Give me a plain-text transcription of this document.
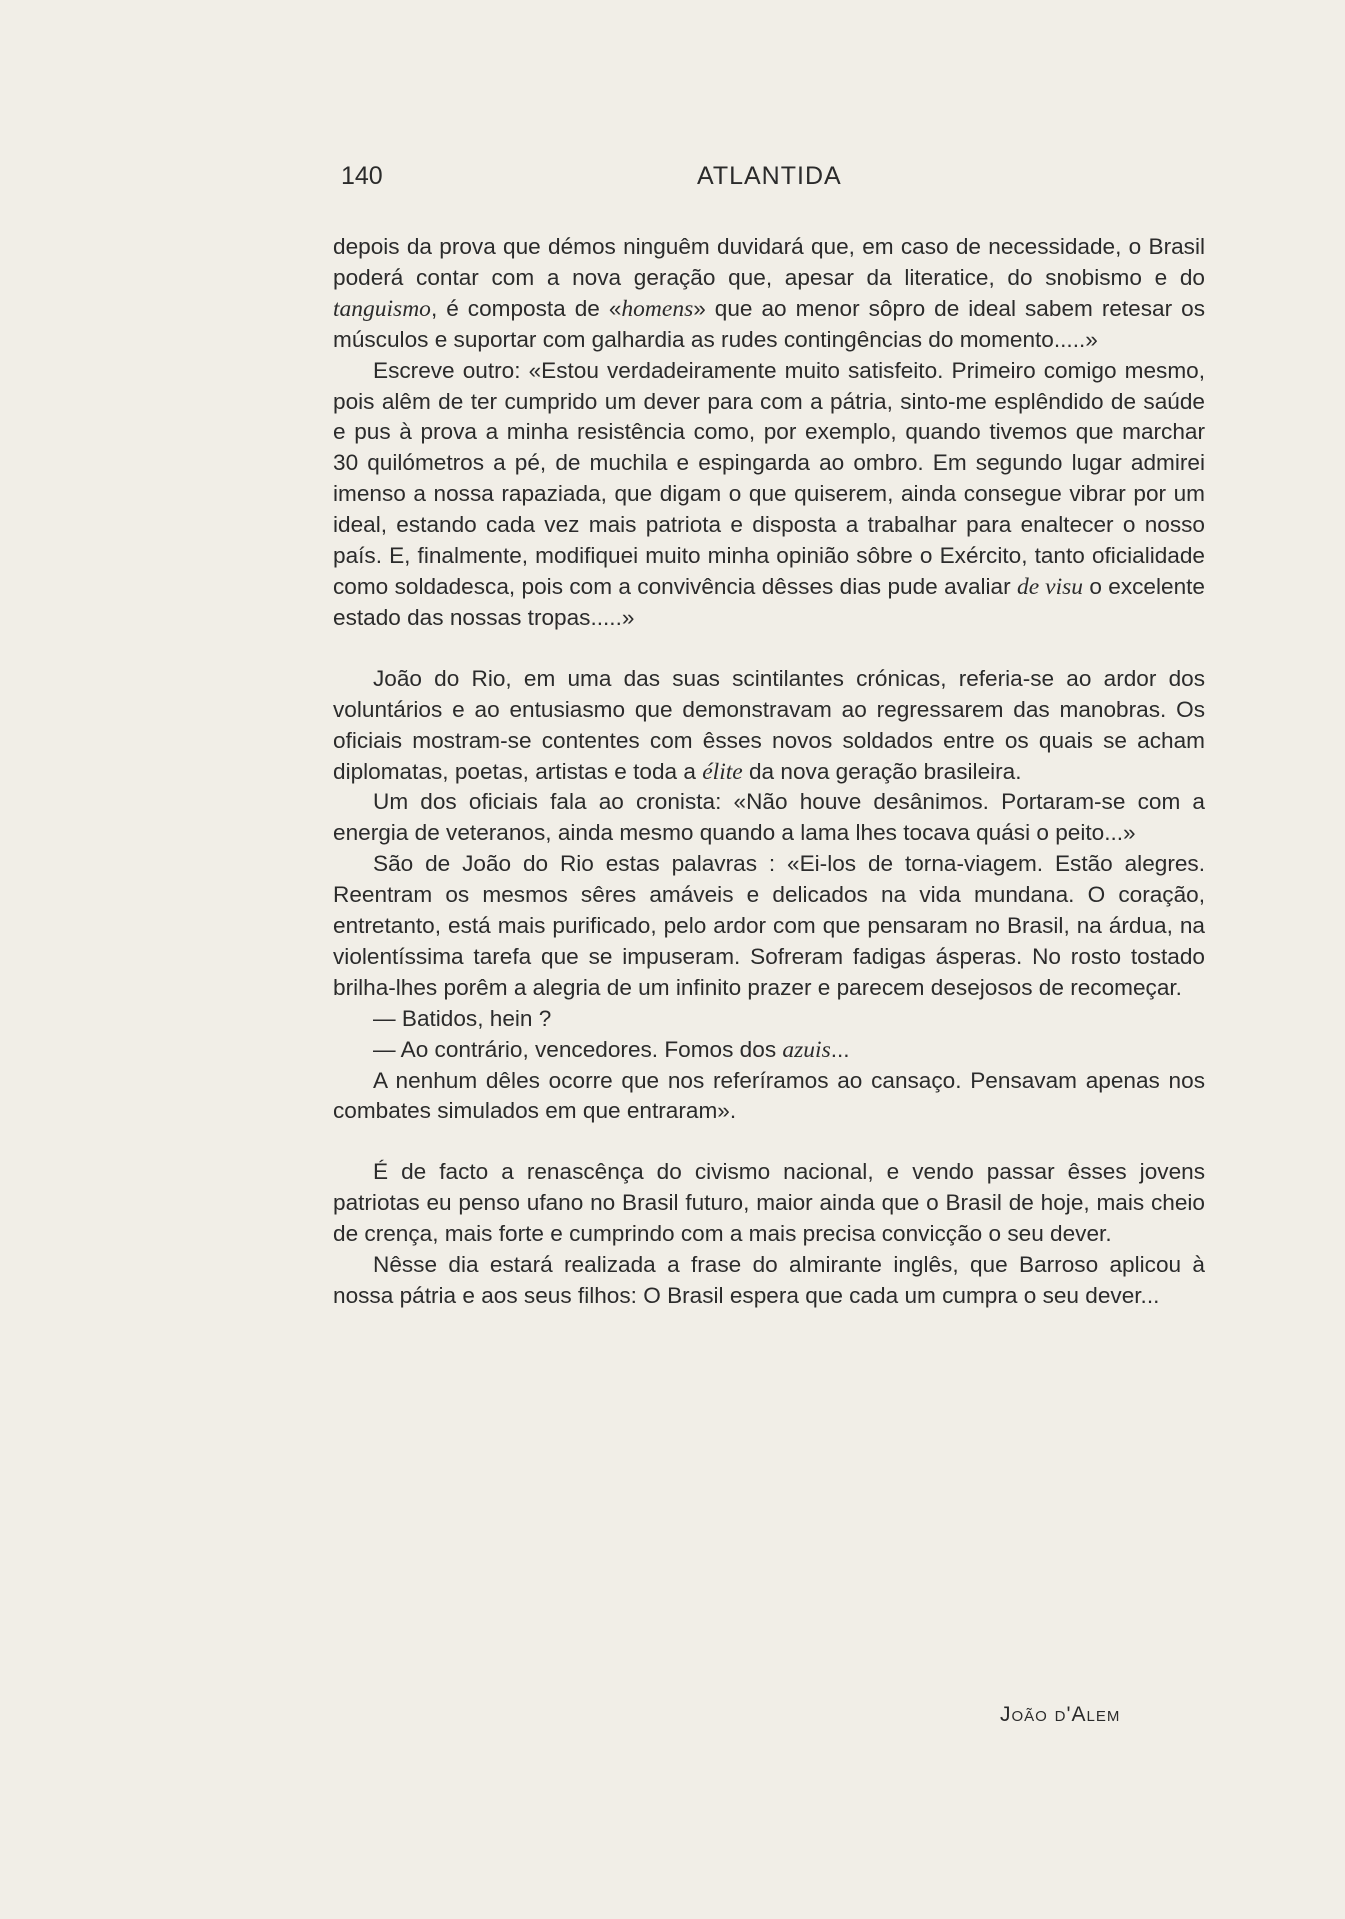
140	ATLANTIDA

depois da prova que démos ninguêm duvidará que, em caso de necessidade, o Brasil poderá contar com a nova geração que, apesar da literatice, do snobismo e do tanguismo, é composta de «homens» que ao menor sôpro de ideal sabem retesar os músculos e suportar com galhardia as rudes contingências do momento.....»

Escreve outro: «Estou verdadeiramente muito satisfeito. Primeiro comigo mesmo, pois alêm de ter cumprido um dever para com a pátria, sinto-me esplêndido de saúde e pus à prova a minha resistência como, por exemplo, quando tivemos que marchar 30 quilómetros a pé, de muchila e espingarda ao ombro. Em segundo lugar admirei imenso a nossa rapaziada, que digam o que quiserem, ainda consegue vibrar por um ideal, estando cada vez mais patriota e disposta a trabalhar para enaltecer o nosso país. E, finalmente, modifiquei muito minha opinião sôbre o Exército, tanto oficialidade como soldadesca, pois com a convivência dêsses dias pude avaliar de visu o excelente estado das nossas tropas.....»

João do Rio, em uma das suas scintilantes crónicas, referia-se ao ardor dos voluntários e ao entusiasmo que demonstravam ao regressarem das manobras. Os oficiais mostram-se contentes com êsses novos soldados entre os quais se acham diplomatas, poetas, artistas e toda a élite da nova geração brasileira.

Um dos oficiais fala ao cronista: «Não houve desânimos. Portaram-se com a energia de veteranos, ainda mesmo quando a lama lhes tocava quási o peito...»

São de João do Rio estas palavras : «Ei-los de torna-viagem. Estão alegres. Reentram os mesmos sêres amáveis e delicados na vida mundana. O coração, entretanto, está mais purificado, pelo ardor com que pensaram no Brasil, na árdua, na violentíssima tarefa que se impuseram. Sofreram fadigas ásperas. No rosto tostado brilha-lhes porêm a alegria de um infinito prazer e parecem desejosos de recomeçar.

— Batidos, hein ?

— Ao contrário, vencedores. Fomos dos azuis...

A nenhum dêles ocorre que nos referíramos ao cansaço. Pensavam apenas nos combates simulados em que entraram».

É de facto a renascênça do civismo nacional, e vendo passar êsses jovens patriotas eu penso ufano no Brasil futuro, maior ainda que o Brasil de hoje, mais cheio de crença, mais forte e cumprindo com a mais precisa convicção o seu dever.

Nêsse dia estará realizada a frase do almirante inglês, que Barroso aplicou à nossa pátria e aos seus filhos: O Brasil espera que cada um cumpra o seu dever...

João d'Alem
